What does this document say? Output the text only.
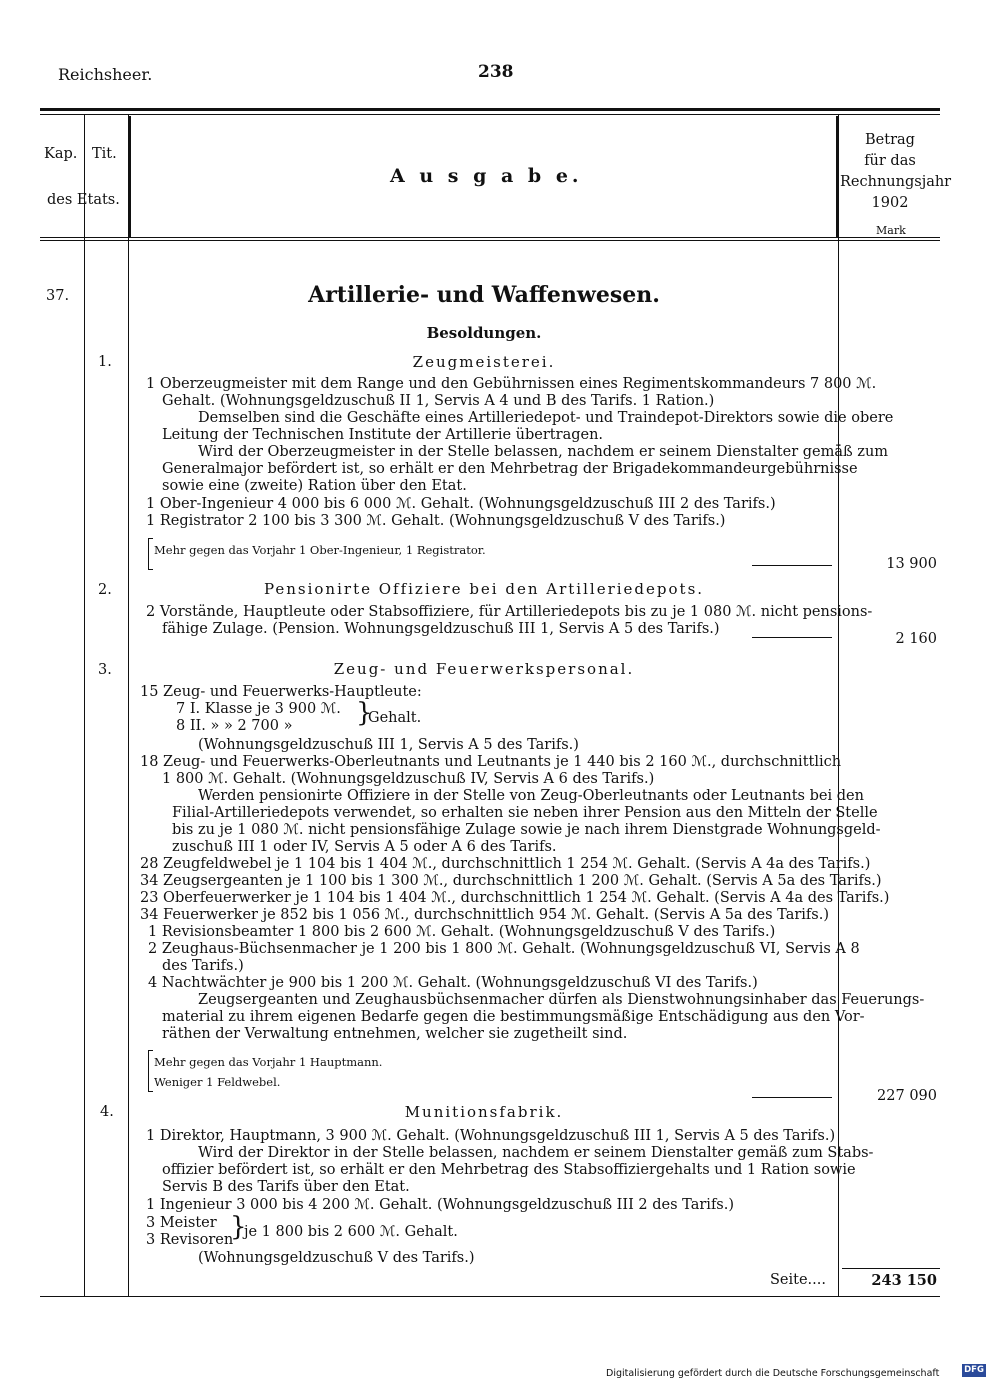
Reichsheer.	238
Kap. Tit.
des Etats.
A u s g a b e.
Betrag
für das
Rechnungsjahr
1902
Mark
37.	Artillerie- und Waffenwesen.
Besoldungen.
1.	Zeugmeisterei.
1 Oberzeugmeister mit dem Range und den Gebührnissen eines Regimentskommandeurs 7 800 ℳ.
Gehalt. (Wohnungsgeldzuschuß II 1, Servis A 4 und B des Tarifs. 1 Ration.)
Demselben sind die Geschäfte eines Artilleriedepot- und Traindepot-Direktors sowie die obere
Leitung der Technischen Institute der Artillerie übertragen.
Wird der Oberzeugmeister in der Stelle belassen, nachdem er seinem Dienstalter gemäß zum
Generalmajor befördert ist, so erhält er den Mehrbetrag der Brigadekommandeurgebührnisse
sowie eine (zweite) Ration über den Etat.
1 Ober-Ingenieur 4 000 bis 6 000 ℳ. Gehalt. (Wohnungsgeldzuschuß III 2 des Tarifs.)
1 Registrator 2 100 bis 3 300 ℳ. Gehalt. (Wohnungsgeldzuschuß V des Tarifs.)
Mehr gegen das Vorjahr 1 Ober-Ingenieur, 1 Registrator.
13 900
2.	Pensionirte Offiziere bei den Artilleriedepots.
2 Vorstände, Hauptleute oder Stabsoffiziere, für Artilleriedepots bis zu je 1 080 ℳ. nicht pensions-
fähige Zulage. (Pension. Wohnungsgeldzuschuß III 1, Servis A 5 des Tarifs.)
2 160
3.	Zeug- und Feuerwerkspersonal.
15 Zeug- und Feuerwerks-Hauptleute:
7 I. Klasse je 3 900 ℳ.
8 II. » » 2 700 » }
Gehalt.
(Wohnungsgeldzuschuß III 1, Servis A 5 des Tarifs.)
18 Zeug- und Feuerwerks-Oberleutnants und Leutnants je 1 440 bis 2 160 ℳ., durchschnittlich
1 800 ℳ. Gehalt. (Wohnungsgeldzuschuß IV, Servis A 6 des Tarifs.)
Werden pensionirte Offiziere in der Stelle von Zeug-Oberleutnants oder Leutnants bei den
Filial-Artilleriedepots verwendet, so erhalten sie neben ihrer Pension aus den Mitteln der Stelle
bis zu je 1 080 ℳ. nicht pensionsfähige Zulage sowie je nach ihrem Dienstgrade Wohnungsgeld-
zuschuß III 1 oder IV, Servis A 5 oder A 6 des Tarifs.
28 Zeugfeldwebel je 1 104 bis 1 404 ℳ., durchschnittlich 1 254 ℳ. Gehalt. (Servis A 4a des Tarifs.)
34 Zeugsergeanten je 1 100 bis 1 300 ℳ., durchschnittlich 1 200 ℳ. Gehalt. (Servis A 5a des Tarifs.)
23 Oberfeuerwerker je 1 104 bis 1 404 ℳ., durchschnittlich 1 254 ℳ. Gehalt. (Servis A 4a des Tarifs.)
34 Feuerwerker je 852 bis 1 056 ℳ., durchschnittlich 954 ℳ. Gehalt. (Servis A 5a des Tarifs.)
1 Revisionsbeamter 1 800 bis 2 600 ℳ. Gehalt. (Wohnungsgeldzuschuß V des Tarifs.)
2 Zeughaus-Büchsenmacher je 1 200 bis 1 800 ℳ. Gehalt. (Wohnungsgeldzuschuß VI, Servis A 8
des Tarifs.)
4 Nachtwächter je 900 bis 1 200 ℳ. Gehalt. (Wohnungsgeldzuschuß VI des Tarifs.)
Zeugsergeanten und Zeughausbüchsenmacher dürfen als Dienstwohnungsinhaber das Feuerungs-
material zu ihrem eigenen Bedarfe gegen die bestimmungsmäßige Entschädigung aus den Vor-
räthen der Verwaltung entnehmen, welcher sie zugetheilt sind.
Mehr gegen das Vorjahr 1 Hauptmann.
Weniger 1 Feldwebel.
227 090
4.	Munitionsfabrik.
1 Direktor, Hauptmann, 3 900 ℳ. Gehalt. (Wohnungsgeldzuschuß III 1, Servis A 5 des Tarifs.)
Wird der Direktor in der Stelle belassen, nachdem er seinem Dienstalter gemäß zum Stabs-
offizier befördert ist, so erhält er den Mehrbetrag des Stabsoffiziergehalts und 1 Ration sowie
Servis B des Tarifs über den Etat.
1 Ingenieur 3 000 bis 4 200 ℳ. Gehalt. (Wohnungsgeldzuschuß III 2 des Tarifs.)
3 Meister
3 Revisoren
}
je 1 800 bis 2 600 ℳ. Gehalt.
(Wohnungsgeldzuschuß V des Tarifs.)
Seite....	243 150
Digitalisierung gefördert durch die Deutsche Forschungsgemeinschaft	DFG
